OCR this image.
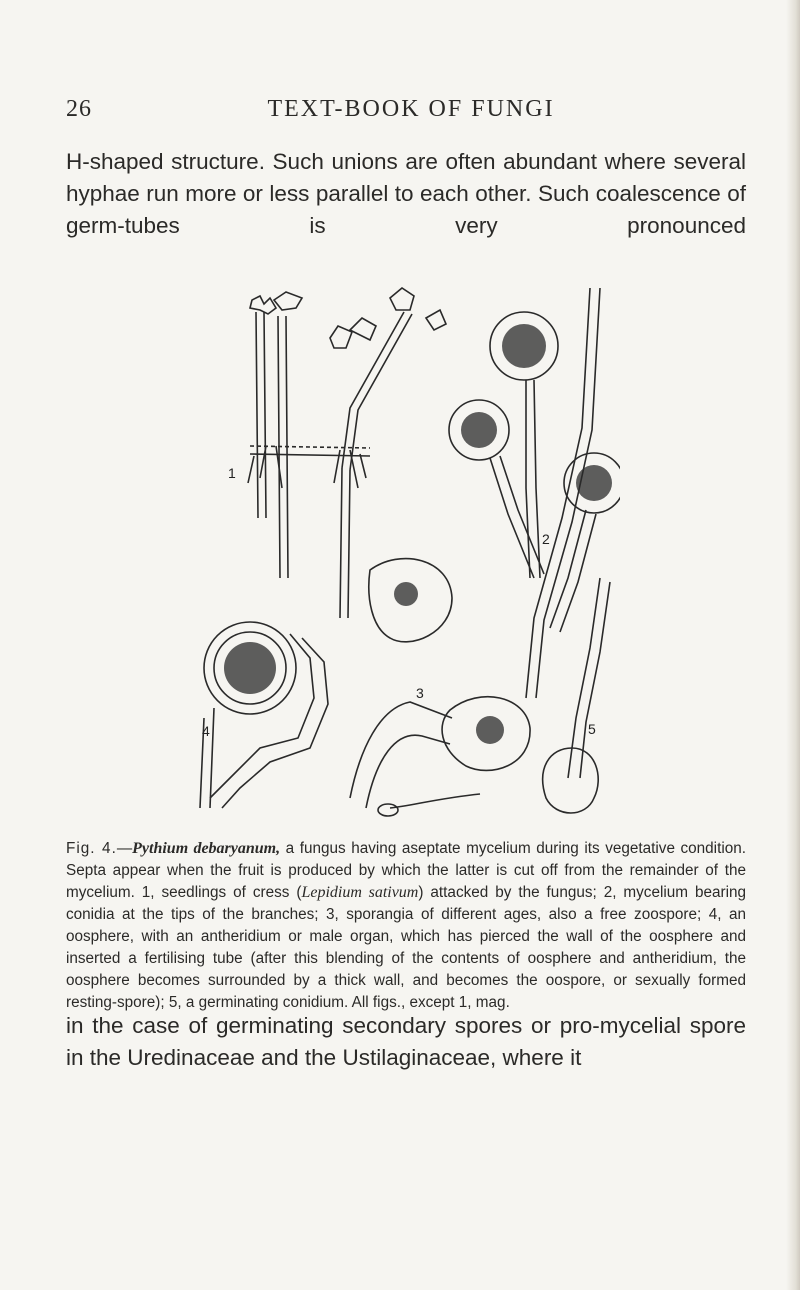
26	TEXT-BOOK OF FUNGI

H-shaped structure. Such unions are often abundant where several hyphae run more or less parallel to each other. Such coalescence of germ-tubes is very pronounced

1
2
3
4	5

Fig. 4.—Pythium debaryanum, a fungus having aseptate mycelium during its vegetative condition. Septa appear when the fruit is produced by which the latter is cut off from the remainder of the mycelium. 1, seedlings of cress (Lepidium sativum) attacked by the fungus; 2, mycelium bearing conidia at the tips of the branches; 3, sporangia of different ages, also a free zoospore; 4, an oosphere, with an antheridium or male organ, which has pierced the wall of the oosphere and inserted a fertilising tube (after this blending of the contents of oosphere and antheridium, the oosphere becomes surrounded by a thick wall, and becomes the oospore, or sexually formed resting-spore); 5, a germinating conidium. All figs., except 1, mag.

in the case of germinating secondary spores or pro-mycelial spore in the Uredinaceae and the Ustilaginaceae, where it
